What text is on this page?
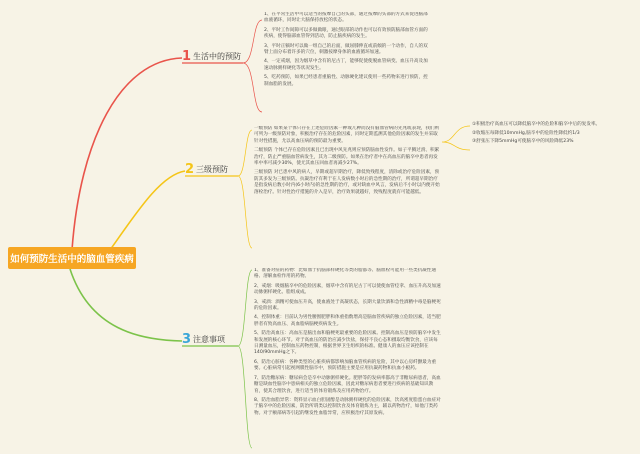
如何预防生活中的脑血管疾病
1 生活中的预防
2 三级预防
3 注意事项

1、在平常生活中可以适当的按摩自己的头部，通过按摩的头部的方式来促进脑部血液循环，同时让大脑保持放松的状态。

2、平时工作间隙可以多做做眼，通过眼部的动作也可以有效预防脑部血管方面的疾病，使得脑部血管得到活动，防止脑疾病的发生。

3、平时正躺时可以做一组自己的后面，做屈膝伸直或前倾的一个动作，自人的双臂上面分布着许多的穴位，刺激按摩身体的血液循环加速。

4、一定戒烟，因为烟草中含有的尼古丁，能够促使使脱血管病变。血压升高及加速动脉粥样硬化等状况发生。

5、吃药预防，如果已经患者重脑性、动脉硬化建议使用一些药物来进行预防，控制血脂的发展。

一级预防 如果某个体只存在上述危险因素一种或几种而没有脑血管病的先兆或表现，我们则可列为一级预防对象，积极治疗存在的危险因素，同时定期监测其他危险因素的发生并采取针对性措施，尤以高血压病的预防最为重要。

二级预防 个体已存在危险因素且已出现中风先兆则应预防脑血性发作。如子平腾过滑、积累治疗，防止严重脑血管病发生，其为二级预防。如果在治疗者中在高血压的脑卒中患者再发率中率可减少30%，使尤其血压回血者再减少27%。

三级预防 对已患中风的病人，早期或超早期治疗，降低致残程度，清除或治疗危险因素，预防其多发为三级预防。抗凝治疗有利于在人发病数小时后的急性期的治疗，所谓超早期治疗是指发病后数小时内(6小时内)的急性期的治疗，或对缺血中风言，发病后不小时以内便开始溶栓治疗。针对性治疗措施的介入是早，治疗效果就越好，致残程度就有可能越低。

①积极治疗高血压可以降低脑卒中的危险和脑卒中后的复发率。
②收缩压每降低10mmHg,脑卒中的危险性降低约1/3
③舒张压下降5mmHg可使脑卒中的风险降低23%

1、准备对症的药物：比如血于抗脑部样硬化等类的脂都等、脑血栓可能用一些类抗凝性通格、溶解血栓作用的药物。

2、戒烟：吸烟脑卒中的危险因素，烟草中含有的尼古丁可以使使血管痉挛、血压升高及加速动脉粥样硬化、脂组成成。

3、戒酒：酒精可使血压升高，使血液处于高凝状态，长期大量饮酒和急性酒精中毒是脑梗死的危险因素。

4、控制体重：目前认为男性腰围肥胖和体重指数增高是脑血管疾病的独立危险因素，适当肥胖者有致高血压、高血脂病脑梗疾病发生。

5、防治高血压：高血压是脑出血和脑梗死最重要的危险因素。控制高血压是预防脑卒中发生和发展的核心环节。对于高血压的防治应减少饮盐，保持不良心态和摄取均衡饮食，应该每日测量血压，控制血压药物控制，根据世界卫生组织的标准。健康人的血压应该控制在140/90mmHg之下。

6、防治心脏病：各种类型的心脏疾病都影响加脑血管疾病的危险，其中以心房纤颤最为重要。心脏病常引起视网膜性脑卒中，预防措施主要是应用抗凝药物和抗血小板药。

7、防治糖尿病：糖尿病会是卒中动脉粥样硬化。肥胖等的发病率都高于非糖尿病患者，高血糖是缺血性脑卒中患病相关的独立危险因素，因此对糖尿病患者要进行疾病的基础知识教育，使其合理饮食，进行适当的体育锻炼及应用药物治疗。

8、防治血脂异常：资料显示血白胆固醇是动脉粥样硬化的危险因素，饮高密度脂蛋白血症对于脑卒中的危险因素，防治所谓类以控制饮食及体育锻炼为主，辅以药物治疗，如他汀类药物。对于额部病等引起的继发性血脂异常，应积极治疗其原发病。
